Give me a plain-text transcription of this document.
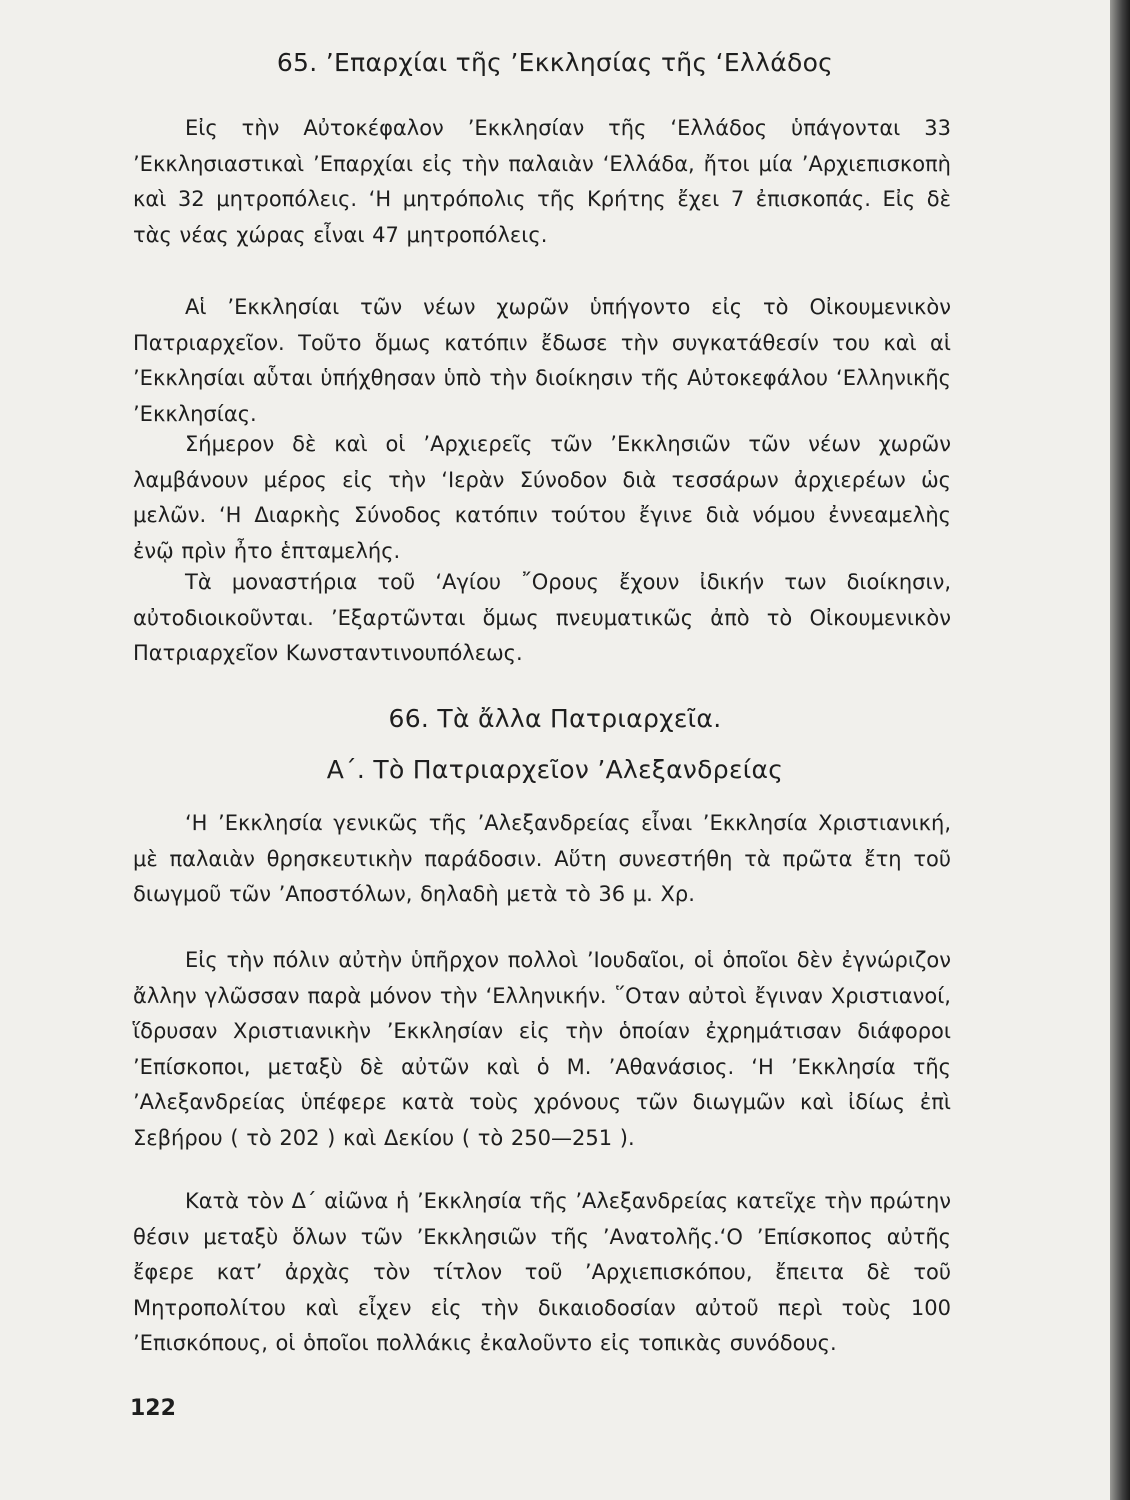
65. ’Επαρχίαι τῆς ’Εκκλησίας τῆς ‘Ελλάδος

Εἰς τὴν Αὐτοκέφαλον ’Εκκλησίαν τῆς ‘Ελλάδος ὑπάγονται 33 ’Εκκλησιαστικαὶ ’Επαρχίαι εἰς τὴν παλαιὰν ‘Ελλάδα, ἤτοι μία ’Αρχιεπισκοπὴ καὶ 32 μητροπόλεις. ‘Η μητρόπολις τῆς Κρήτης ἔχει 7 ἐπισκοπάς. Εἰς δὲ τὰς νέας χώρας εἶναι 47 μητροπόλεις.

Αἱ ’Εκκλησίαι τῶν νέων χωρῶν ὑπήγοντο εἰς τὸ Οἰκουμενικὸν Πατριαρχεῖον. Τοῦτο ὅμως κατόπιν ἔδωσε τὴν συγκατάθεσίν του καὶ αἱ ’Εκκλησίαι αὗται ὑπήχθησαν ὑπὸ τὴν διοίκησιν τῆς Αὐτοκεφάλου ‘Ελληνικῆς ’Εκκλησίας.

Σήμερον δὲ καὶ οἱ ’Αρχιερεῖς τῶν ’Εκκλησιῶν τῶν νέων χωρῶν λαμβάνουν μέρος εἰς τὴν ‘Ιερὰν Σύνοδον διὰ τεσσάρων ἀρχιερέων ὡς μελῶν. ‘Η Διαρκὴς Σύνοδος κατόπιν τούτου ἔγινε διὰ νόμου ἐννεαμελὴς ἐνῷ πρὶν ἦτο ἑπταμελής.

Τὰ μοναστήρια τοῦ ‘Αγίου ῎Ορους ἔχουν ἰδικήν των διοίκησιν, αὐτοδιοικοῦνται. ’Εξαρτῶνται ὅμως πνευματικῶς ἀπὸ τὸ Οἰκουμενικὸν Πατριαρχεῖον Κωνσταντινουπόλεως.

66. Τὰ ἄλλα Πατριαρχεῖα.
Α΄. Τὸ Πατριαρχεῖον ’Αλεξανδρείας

‘Η ’Εκκλησία γενικῶς τῆς ’Αλεξανδρείας εἶναι ’Εκκλησία Χριστιανική, μὲ παλαιὰν θρησκευτικὴν παράδοσιν. Αὕτη συνεστήθη τὰ πρῶτα ἔτη τοῦ διωγμοῦ τῶν ’Αποστόλων, δηλαδὴ μετὰ τὸ 36 μ. Χρ.

Εἰς τὴν πόλιν αὐτὴν ὑπῆρχον πολλοὶ ’Ιουδαῖοι, οἱ ὁποῖοι δὲν ἐγνώριζον ἄλλην γλῶσσαν παρὰ μόνον τὴν ‘Ελληνικήν. ῞Οταν αὐτοὶ ἔγιναν Χριστιανοί, ἵδρυσαν Χριστιανικὴν ’Εκκλησίαν εἰς τὴν ὁποίαν ἐχρημάτισαν διάφοροι ’Επίσκοποι, μεταξὺ δὲ αὐτῶν καὶ ὁ Μ. ’Αθανάσιος. ‘Η ’Εκκλησία τῆς ’Αλεξανδρείας ὑπέφερε κατὰ τοὺς χρόνους τῶν διωγμῶν καὶ ἰδίως ἐπὶ Σεβήρου ( τὸ 202 ) καὶ Δεκίου ( τὸ 250—251 ).

Κατὰ τὸν Δ΄ αἰῶνα ἡ ’Εκκλησία τῆς ’Αλεξανδρείας κατεῖχε τὴν πρώτην θέσιν μεταξὺ ὅλων τῶν ’Εκκλησιῶν τῆς ’Ανατολῆς.‘Ο ’Επίσκοπος αὐτῆς ἔφερε κατ’ ἀρχὰς τὸν τίτλον τοῦ ’Αρχιεπισκόπου, ἔπειτα δὲ τοῦ Μητροπολίτου καὶ εἶχεν εἰς τὴν δικαιοδοσίαν αὐτοῦ περὶ τοὺς 100 ’Επισκόπους, οἱ ὁποῖοι πολλάκις ἐκαλοῦντο εἰς τοπικὰς συνόδους.

122
